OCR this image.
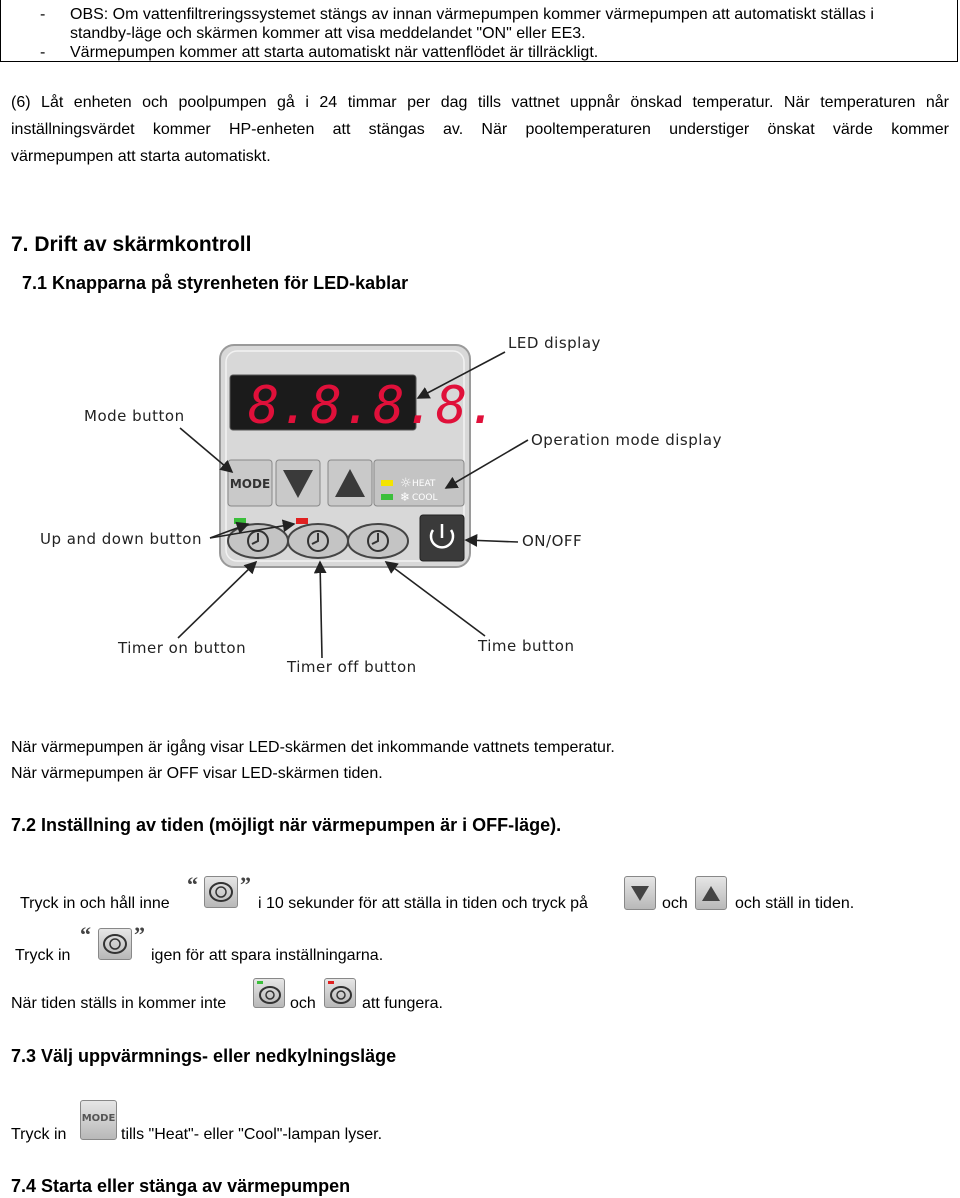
- OBS: Om vattenfiltreringssystemet stängs av innan värmepumpen kommer värmepumpen att automatiskt ställas i
standby-läge och skärmen kommer att visa meddelandet "ON" eller EE3.
- Värmepumpen kommer att starta automatiskt när vattenflödet är tillräckligt.
(6) Låt enheten och poolpumpen gå i 24 timmar per dag tills vattnet uppnår önskad temperatur. När temperaturen når
inställningsvärdet kommer HP-enheten att stängas av. När pooltemperaturen understiger önskat värde kommer
värmepumpen att starta automatiskt.
7. Drift av skärmkontroll
7.1 Knapparna på styrenheten för LED-kablar
8.8.8.8.
MODE	☼
❄
HEAT
COOL
LED display
Mode button
Operation mode display
Up and down button	ON/OFF
Timer on button
Timer off button
Time button
När värmepumpen är igång visar LED-skärmen det inkommande vattnets temperatur.
När värmepumpen är OFF visar LED-skärmen tiden.
7.2 Inställning av tiden (möjligt när värmepumpen är i OFF-läge).
Tryck in och håll inne
“ ”
i 10 sekunder för att ställa in tiden och tryck på	och	och ställ in tiden.
Tryck in
“ ”
igen för att spara inställningarna.
När tiden ställs in kommer inte	och	att fungera.
7.3 Välj uppvärmnings- eller nedkylningsläge
Tryck in
MODE
tills "Heat"- eller "Cool"-lampan lyser.
7.4 Starta eller stänga av värmepumpen
